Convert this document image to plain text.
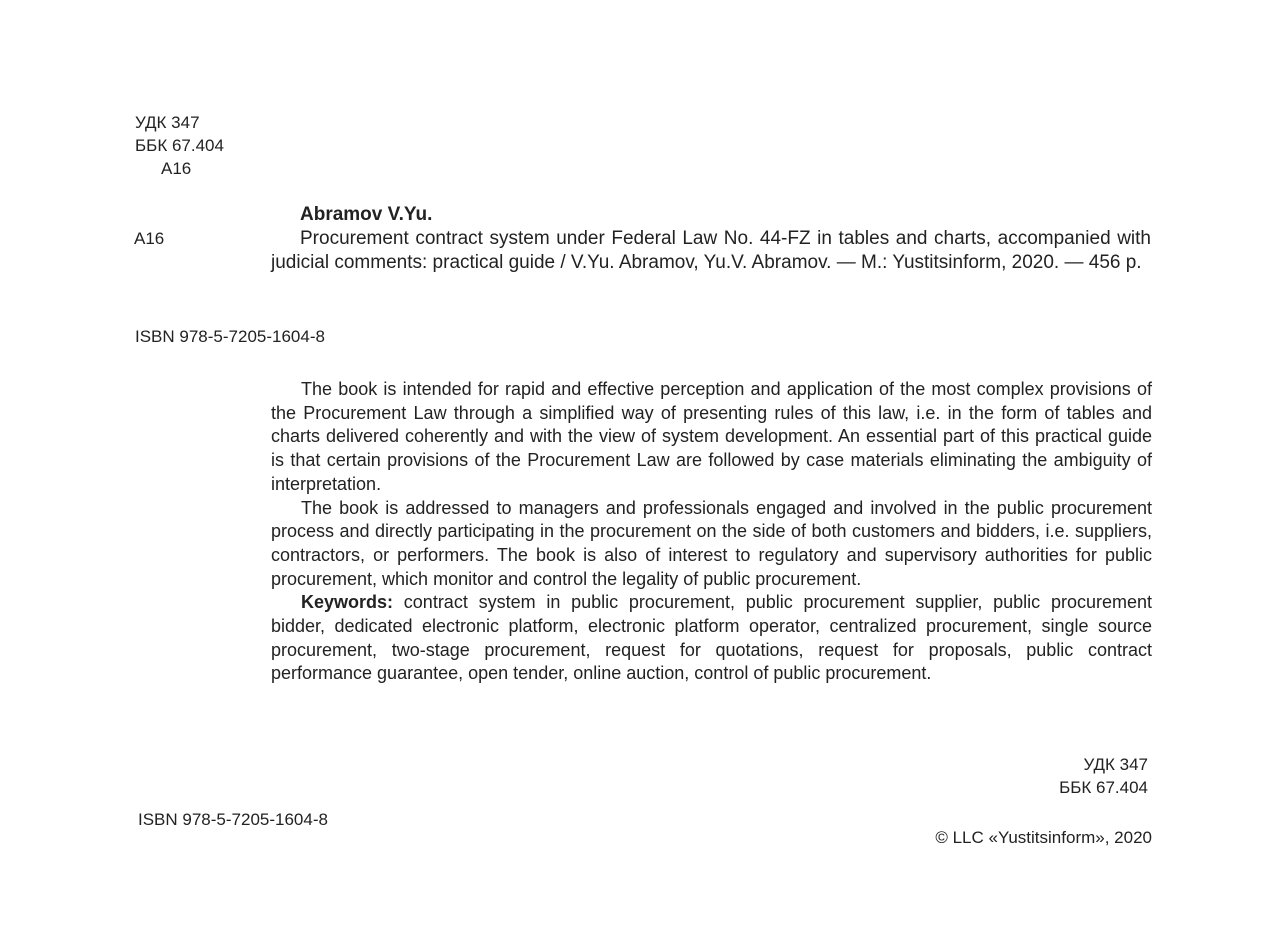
УДК 347
ББК 67.404
A16
A16
Abramov V.Yu.
Procurement contract system under Federal Law No. 44-FZ in tables and charts, accompanied with judicial comments: practical guide / V.Yu. Abramov, Yu.V. Abramov. — M.: Yustitsinform, 2020. — 456 p.
ISBN 978-5-7205-1604-8

The book is intended for rapid and effective perception and application of the most complex provisions of the Procurement Law through a simplified way of presenting rules of this law, i.e. in the form of tables and charts delivered coherently and with the view of system development. An essential part of this practical guide is that certain provisions of the Procurement Law are followed by case materials eliminating the ambiguity of interpretation.

The book is addressed to managers and professionals engaged and involved in the public procurement process and directly participating in the procurement on the side of both customers and bidders, i.e. suppliers, contractors, or performers. The book is also of interest to regulatory and supervisory authorities for public procurement, which monitor and control the legality of public procurement.

Keywords: contract system in public procurement, public procurement supplier, public procurement bidder, dedicated electronic platform, electronic platform operator, centralized procurement, single source procurement, two-stage procurement, request for quotations, request for proposals, public contract performance guarantee, open tender, online auction, control of public procurement.

УДК 347
ББК 67.404
ISBN 978-5-7205-1604-8
© LLC «Yustitsinform», 2020
